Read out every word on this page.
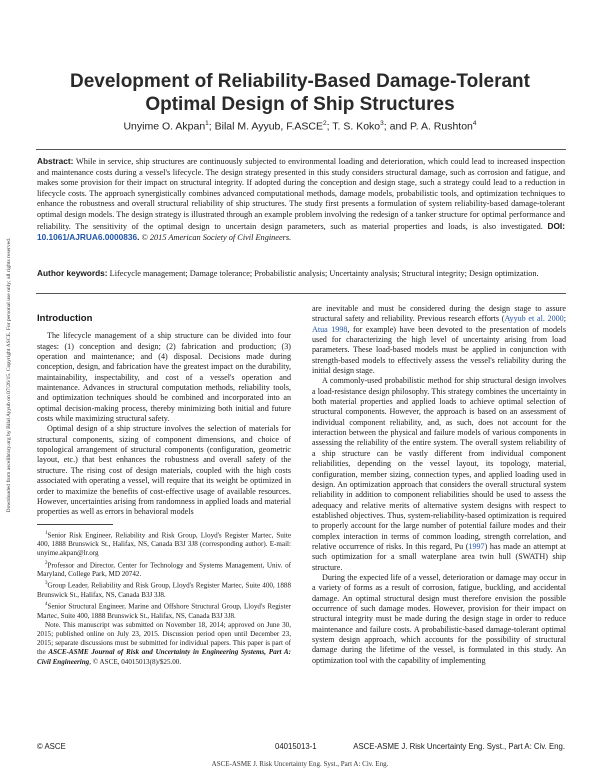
Downloaded from ascelibrary.org by Bilal Ayyub on 07/26/15. Copyright ASCE. For personal use only; all rights reserved.
Development of Reliability-Based Damage-Tolerant
Optimal Design of Ship Structures
Unyime O. Akpan$^1$; Bilal M. Ayyub, F.ASCE$^2$; T. S. Koko$^3$; and P. A. Rushton$^4$
Abstract: While in service, ship structures are continuously subjected to environmental loading and deterioration, which could lead to increased inspection and maintenance costs during a vessel's lifecycle. The design strategy presented in this study considers structural damage, such as corrosion and fatigue, and makes some provision for their impact on structural integrity. If adopted during the conception and design stage, such a strategy could lead to a reduction in lifecycle costs. The approach synergistically combines advanced computational methods, damage models, probabilistic tools, and optimization techniques to enhance the robustness and overall structural reliability of ship structures. The study first presents a formulation of system reliability-based damage-tolerant optimal design models. The design strategy is illustrated through an example problem involving the redesign of a tanker structure for optimal performance and reliability. The sensitivity of the optimal design to uncertain design parameters, such as material properties and loads, is also investigated. DOI: 10.1061/AJRUA6.0000836. © 2015 American Society of Civil Engineers.
Author keywords: Lifecycle management; Damage tolerance; Probabilistic analysis; Uncertainty analysis; Structural integrity; Design optimization.
Introduction

The lifecycle management of a ship structure can be divided into four stages: (1) conception and design; (2) fabrication and production; (3) operation and maintenance; and (4) disposal. Decisions made during conception, design, and fabrication have the greatest impact on the durability, maintainability, inspectability, and cost of a vessel's operation and maintenance. Advances in structural computation methods, reliability tools, and optimization techniques should be combined and incorporated into an optimal decision-making process, thereby minimizing both initial and future costs while maximizing structural safety.

Optimal design of a ship structure involves the selection of materials for structural components, sizing of component dimensions, and choice of topological arrangement of structural components (configuration, geometric layout, etc.) that best enhances the robustness and overall safety of the structure. The rising cost of design materials, coupled with the high costs associated with operating a vessel, will require that its weight be optimized in order to maximize the benefits of cost-effective usage of available resources. However, uncertainties arising from randomness in applied loads and material properties as well as errors in behavioral models

$^1$Senior Risk Engineer, Reliability and Risk Group, Lloyd's Register Martec, Suite 400, 1888 Brunswick St., Halifax, NS, Canada B3J 3J8 (corresponding author). E-mail: unyime.akpan@lr.org
$^2$Professor and Director, Center for Technology and Systems Management, Univ. of Maryland, College Park, MD 20742.
$^3$Group Leader, Reliability and Risk Group, Lloyd's Register Martec, Suite 400, 1888 Brunswick St., Halifax, NS, Canada B3J 3J8.
$^4$Senior Structural Engineer, Marine and Offshore Structural Group, Lloyd's Register Martec, Suite 400, 1888 Brunswick St., Halifax, NS, Canada B3J 3J8.
Note. This manuscript was submitted on November 18, 2014; approved on June 30, 2015; published online on July 23, 2015. Discussion period open until December 23, 2015; separate discussions must be submitted for individual papers. This paper is part of the ASCE-ASME Journal of Risk and Uncertainty in Engineering Systems, Part A: Civil Engineering, © ASCE, 04015013(8)/$25.00.

are inevitable and must be considered during the design stage to assure structural safety and reliability. Previous research efforts (Ayyub et al. 2000; Atua 1998, for example) have been devoted to the presentation of models used for characterizing the high level of uncertainty arising from load parameters. These load-based models must be applied in conjunction with strength-based models to effectively assess the vessel's reliability during the initial design stage.

A commonly-used probabilistic method for ship structural design involves a load-resistance design philosophy. This strategy combines the uncertainty in both material properties and applied loads to achieve optimal selection of structural components. However, the approach is based on an assessment of individual component reliability, and, as such, does not account for the interaction between the physical and failure models of various components in assessing the reliability of the entire system. The overall system reliability of a ship structure can be vastly different from individual component reliabilities, depending on the vessel layout, its topology, material, configuration, member sizing, connection types, and applied loading used in design. An optimization approach that considers the overall structural system reliability in addition to component reliabilities should be used to assess the adequacy and relative merits of alternative system designs with respect to established objectives. Thus, system-reliability-based optimization is required to properly account for the large number of potential failure modes and their complex interaction in terms of common loading, strength correlation, and relative occurrence of risks. In this regard, Pu (1997) has made an attempt at such optimization for a small waterplane area twin hull (SWATH) ship structure.

During the expected life of a vessel, deterioration or damage may occur in a variety of forms as a result of corrosion, fatigue, buckling, and accidental damage. An optimal structural design must therefore envision the possible occurrence of such damage modes. However, provision for their impact on structural integrity must be made during the design stage in order to reduce maintenance and failure costs. A probabilistic-based damage-tolerant optimal system design approach, which accounts for the possibility of structural damage during the lifetime of the vessel, is formulated in this study. An optimization tool with the capability of implementing

© ASCE	04015013-1	ASCE-ASME J. Risk Uncertainty Eng. Syst., Part A: Civ. Eng.
ASCE-ASME J. Risk Uncertainty Eng. Syst., Part A: Civ. Eng.
